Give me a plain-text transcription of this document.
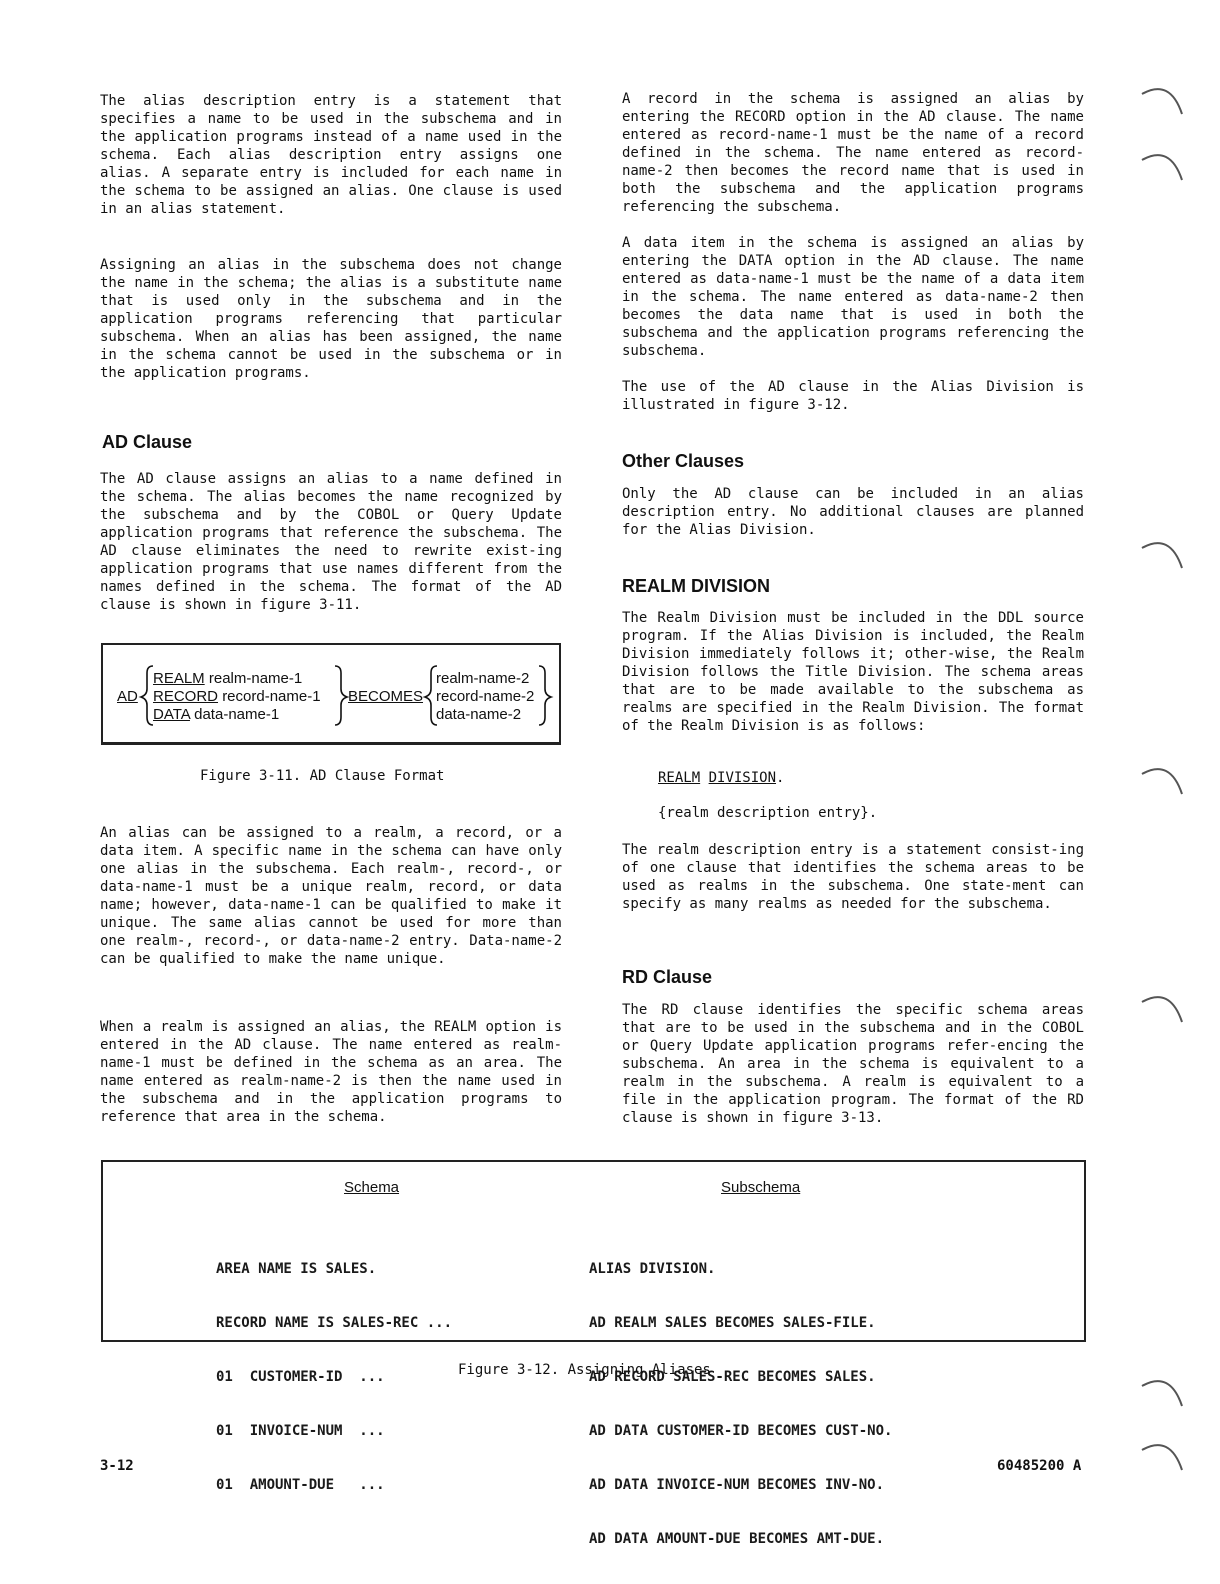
The alias description entry is a statement that specifies a name to be used in the subschema and in the application programs instead of a name used in the schema. Each alias description entry assigns one alias. A separate entry is included for each name in the schema to be assigned an alias. One clause is used in an alias statement.

Assigning an alias in the subschema does not change the name in the schema; the alias is a substitute name that is used only in the subschema and in the application programs referencing that particular subschema. When an alias has been assigned, the name in the schema cannot be used in the subschema or in the application programs.

AD Clause

The AD clause assigns an alias to a name defined in the schema. The alias becomes the name recognized by the subschema and by the COBOL or Query Update application programs that reference the subschema. The AD clause eliminates the need to rewrite exist-ing application programs that use names different from the names defined in the schema. The format of the AD clause is shown in figure 3-11.

AD
REALM realm-name-1
RECORD record-name-1
DATA data-name-1
BECOMES
realm-name-2
record-name-2
data-name-2
Figure 3-11. AD Clause Format

An alias can be assigned to a realm, a record, or a data item. A specific name in the schema can have only one alias in the subschema. Each realm-, record-, or data-name-1 must be a unique realm, record, or data name; however, data-name-1 can be qualified to make it unique. The same alias cannot be used for more than one realm-, record-, or data-name-2 entry. Data-name-2 can be qualified to make the name unique.

When a realm is assigned an alias, the REALM option is entered in the AD clause. The name entered as realm-name-1 must be defined in the schema as an area. The name entered as realm-name-2 is then the name used in the subschema and in the application programs to reference that area in the schema.

A record in the schema is assigned an alias by entering the RECORD option in the AD clause. The name entered as record-name-1 must be the name of a record defined in the schema. The name entered as record-name-2 then becomes the record name that is used in both the subschema and the application programs referencing the subschema.

A data item in the schema is assigned an alias by entering the DATA option in the AD clause. The name entered as data-name-1 must be the name of a data item in the schema. The name entered as data-name-2 then becomes the data name that is used in both the subschema and the application programs referencing the subschema.

The use of the AD clause in the Alias Division is illustrated in figure 3-12.

Other Clauses

Only the AD clause can be included in an alias description entry. No additional clauses are planned for the Alias Division.

REALM DIVISION

The Realm Division must be included in the DDL source program. If the Alias Division is included, the Realm Division immediately follows it; other-wise, the Realm Division follows the Title Division. The schema areas that are to be made available to the subschema as realms are specified in the Realm Division. The format of the Realm Division is as follows:

REALM DIVISION.
{realm description entry}.

The realm description entry is a statement consist-ing of one clause that identifies the schema areas to be used as realms in the subschema. One state-ment can specify as many realms as needed for the subschema.

RD Clause

The RD clause identifies the specific schema areas that are to be used in the subschema and in the COBOL or Query Update application programs refer-encing the subschema. An area in the schema is equivalent to a realm in the subschema. A realm is equivalent to a file in the application program. The format of the RD clause is shown in figure 3-13.

Schema	Subschema

AREA NAME IS SALES.

RECORD NAME IS SALES-REC ...

01  CUSTOMER-ID  ...

01  INVOICE-NUM  ...

01  AMOUNT-DUE   ...

ALIAS DIVISION.

AD REALM SALES BECOMES SALES-FILE.

AD RECORD SALES-REC BECOMES SALES.

AD DATA CUSTOMER-ID BECOMES CUST-NO.

AD DATA INVOICE-NUM BECOMES INV-NO.

AD DATA AMOUNT-DUE BECOMES AMT-DUE.

Figure 3-12. Assigning Aliases
3-12	60485200 A
